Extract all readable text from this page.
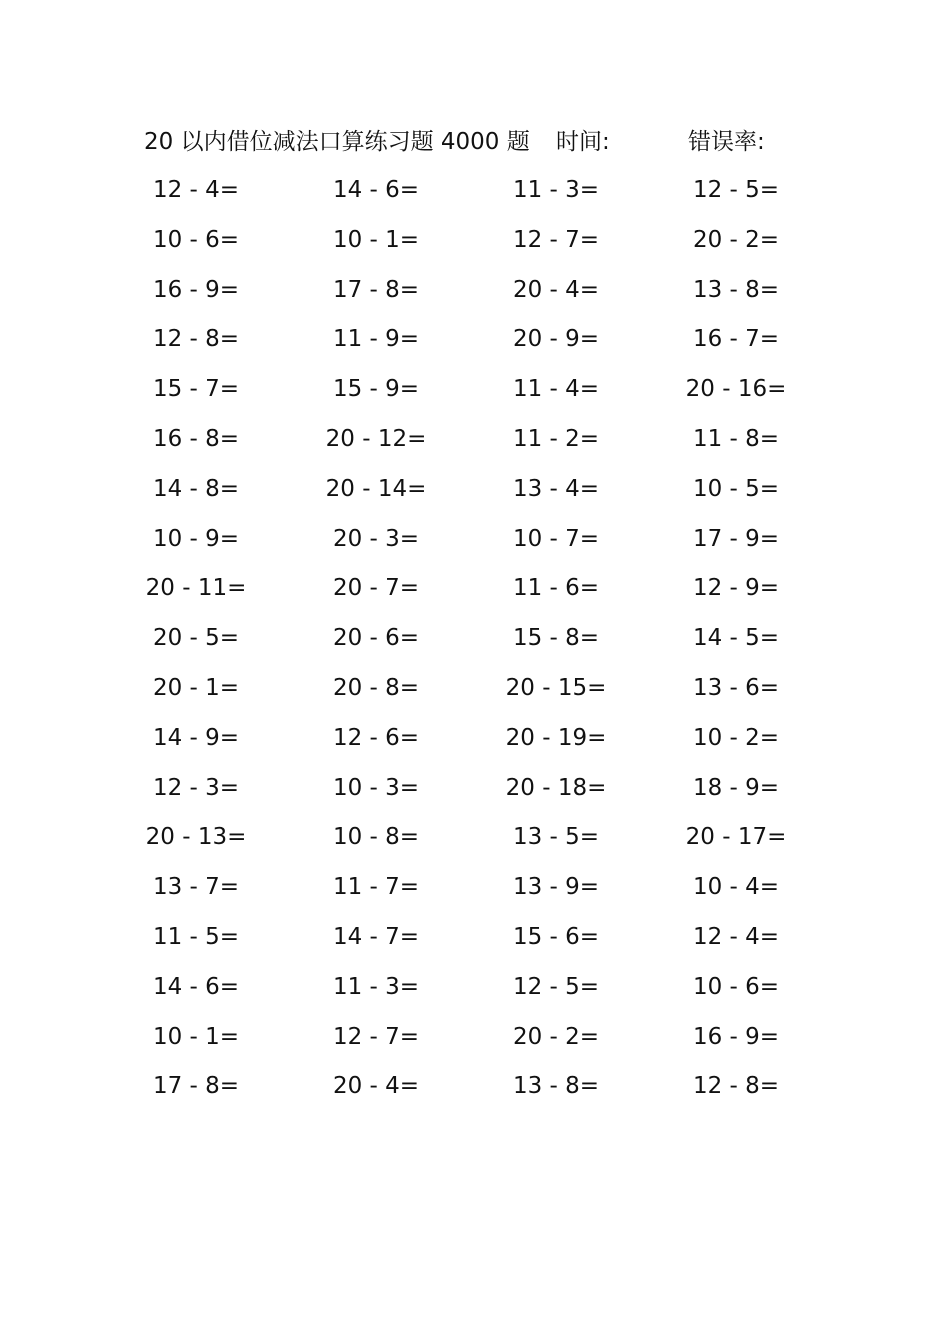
20 以内借位减法口算练习题 4000 题 时间:	错误率:
12 - 4=	14 - 6=	11 - 3=	12 - 5=
10 - 6=	10 - 1=	12 - 7=	20 - 2=
16 - 9=	17 - 8=	20 - 4=	13 - 8=
12 - 8=	11 - 9=	20 - 9=	16 - 7=
15 - 7=	15 - 9=	11 - 4=	20 - 16=
16 - 8=	20 - 12=	11 - 2=	11 - 8=
14 - 8=	20 - 14=	13 - 4=	10 - 5=
10 - 9=	20 - 3=	10 - 7=	17 - 9=
20 - 11=	20 - 7=	11 - 6=	12 - 9=
20 - 5=	20 - 6=	15 - 8=	14 - 5=
20 - 1=	20 - 8=	20 - 15=	13 - 6=
14 - 9=	12 - 6=	20 - 19=	10 - 2=
12 - 3=	10 - 3=	20 - 18=	18 - 9=
20 - 13=	10 - 8=	13 - 5=	20 - 17=
13 - 7=	11 - 7=	13 - 9=	10 - 4=
11 - 5=	14 - 7=	15 - 6=	12 - 4=
14 - 6=	11 - 3=	12 - 5=	10 - 6=
10 - 1=	12 - 7=	20 - 2=	16 - 9=
17 - 8=	20 - 4=	13 - 8=	12 - 8=
